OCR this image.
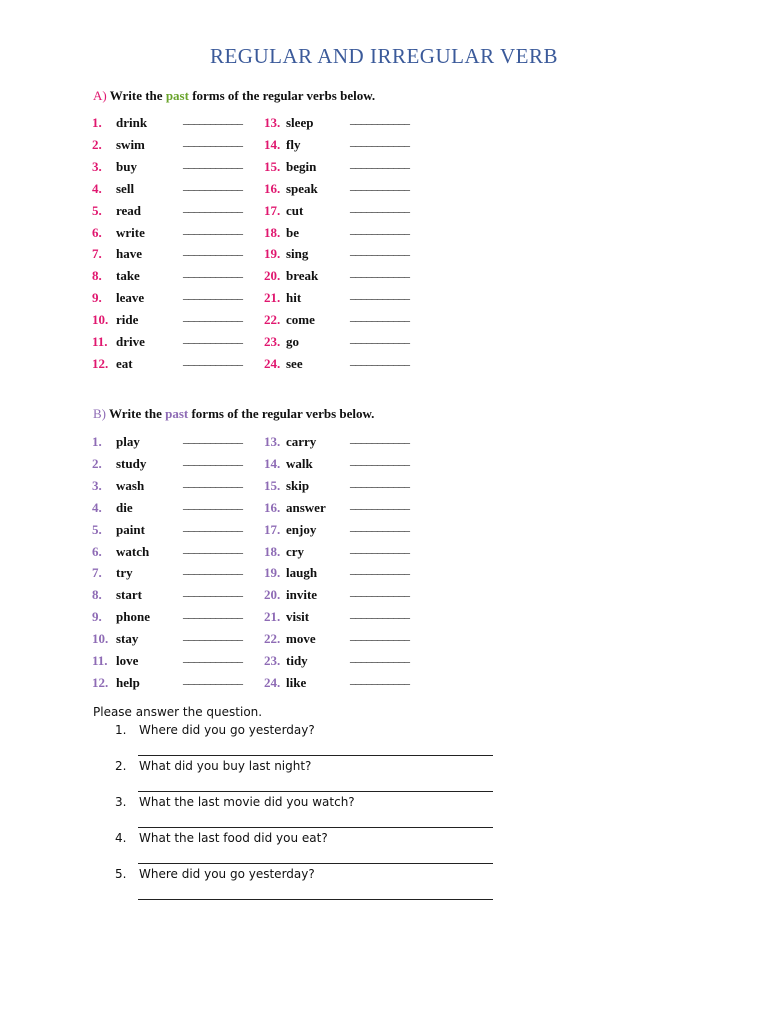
REGULAR AND IRREGULAR VERB
A) Write the past forms of the regular verbs below.
1. drink	___________
2. swim	___________
3. buy	___________
4. sell	___________
5. read	___________
6. write	___________
7. have	___________
8. take	___________
9. leave	___________
10. ride	___________
11. drive	___________
12. eat	___________
13. sleep	___________
14. fly	___________
15. begin	___________
16. speak	___________
17. cut	___________
18. be	___________
19. sing	___________
20. break	___________
21. hit	___________
22. come	___________
23. go	___________
24. see	___________
B) Write the past forms of the regular verbs below.
1. play	___________
2. study	___________
3. wash	___________
4. die	___________
5. paint	___________
6. watch	___________
7. try	___________
8. start	___________
9. phone	___________
10. stay	___________
11. love	___________
12. help	___________
13. carry	___________
14. walk	___________
15. skip	___________
16. answer ___________
17. enjoy	___________
18. cry	___________
19. laugh	___________
20. invite	___________
21. visit	___________
22. move	___________
23. tidy	___________
24. like	___________
Please answer the question.
1.	Where did you go yesterday?
2.	What did you buy last night?
3.	What the last movie did you watch?
4.	What the last food did you eat?
5.	Where did you go yesterday?
